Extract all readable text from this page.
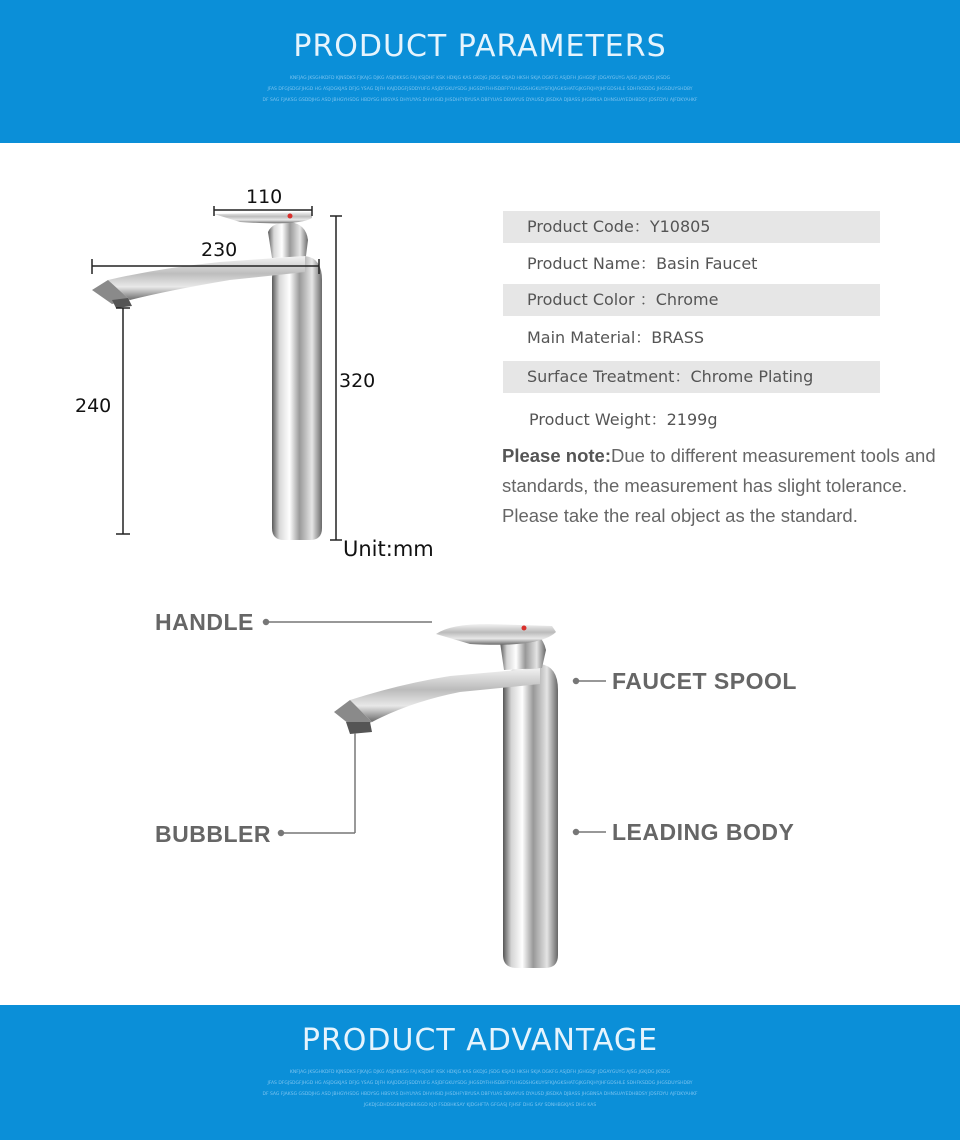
PRODUCT PARAMETERS
KNFJAG JKSGHKDFD KJNSDKS FJKAJG DJKG ASJDKKSG FAJ KSJDHF KSK HDKJG KAS GKDJG JSDG KSJAD HKSH SKJA DGKFG ASJDFH JGHGDJF JDGAYGUYG AJSG JGKJDG JKSDG
JFAS DFGJSDGFJHGD HG ASJDGKJAS DFJG YSAG DJFH KAJDDGFJSDDYUFG ASJDFGKUYSDG JHGSDYFHHSDBFFYUHGDSHGKUYSFKJAGKSHATGJKGFKJHYJHFGDSHLE SDHFKSDDG JHGSDUYSHDBY
DF SAG FJAKSG GSDDJHG ASD JBHGYHSDG HBDYSG HBSYAS DHYUYAS DHVHSID JHSDHFYBYUSA DBFYUAS DBVAYUS DYAUSD JBSDKA DJBASS JHGBNSA DHNSUAYEDHBDSY JDSFDYU AJFDKYAHKF
110
230
320
240
Unit:mm
Product Code：Y10805
Product Name：Basin Faucet
Product Color ：Chrome
Main Material：BRASS
Surface Treatment：Chrome Plating
Product Weight：2199g
Please note:Due to different measurement tools and standards, the measurement has slight tolerance. Please take the real object as the standard.
HANDLE
FAUCET SPOOL
BUBBLER	LEADING BODY
PRODUCT ADVANTAGE
KNFJAG JKSGHKDFD KJNSDKS FJKAJG DJKG ASJDKKSG FAJ KSJDHF KSK HDKJG KAS GKDJG JSDG KSJAD HKSH SKJA DGKFG ASJDFH JGHGDJF JDGAYGUYG AJSG JGKJDG JKSDG
JFAS DFGJSDGFJHGD HG ASJDGKJAS DFJG YSAG DJFH KAJDDGFJSDDYUFG ASJDFGKUYSDG JHGSDYFHHSDBFFYUHGDSHGKUYSFKJAGKSHATGJKGFKJHYJHFGDSHLE SDHFKSDDG JHGSDUYSHDBY
DF SAG FJAKSG GSDDJHG ASD JBHGYHSDG HBDYSG HBSYAS DHYUYAS DHVHSID JHSDHFYBYUSA DBFYUAS DBVAYUS DYAUSD JBSDKA DJBASS JHGBNSA DHNSUAYEDHBDSY JDSFDYU AJFDKYAHKF
JGKDJGDHDSGBNJSDBKISGD KJD FSDBHKSAY KJDGHFTA GFGASJ FJHSF DHG SAY SDNHBGKJAS DHG KAS
